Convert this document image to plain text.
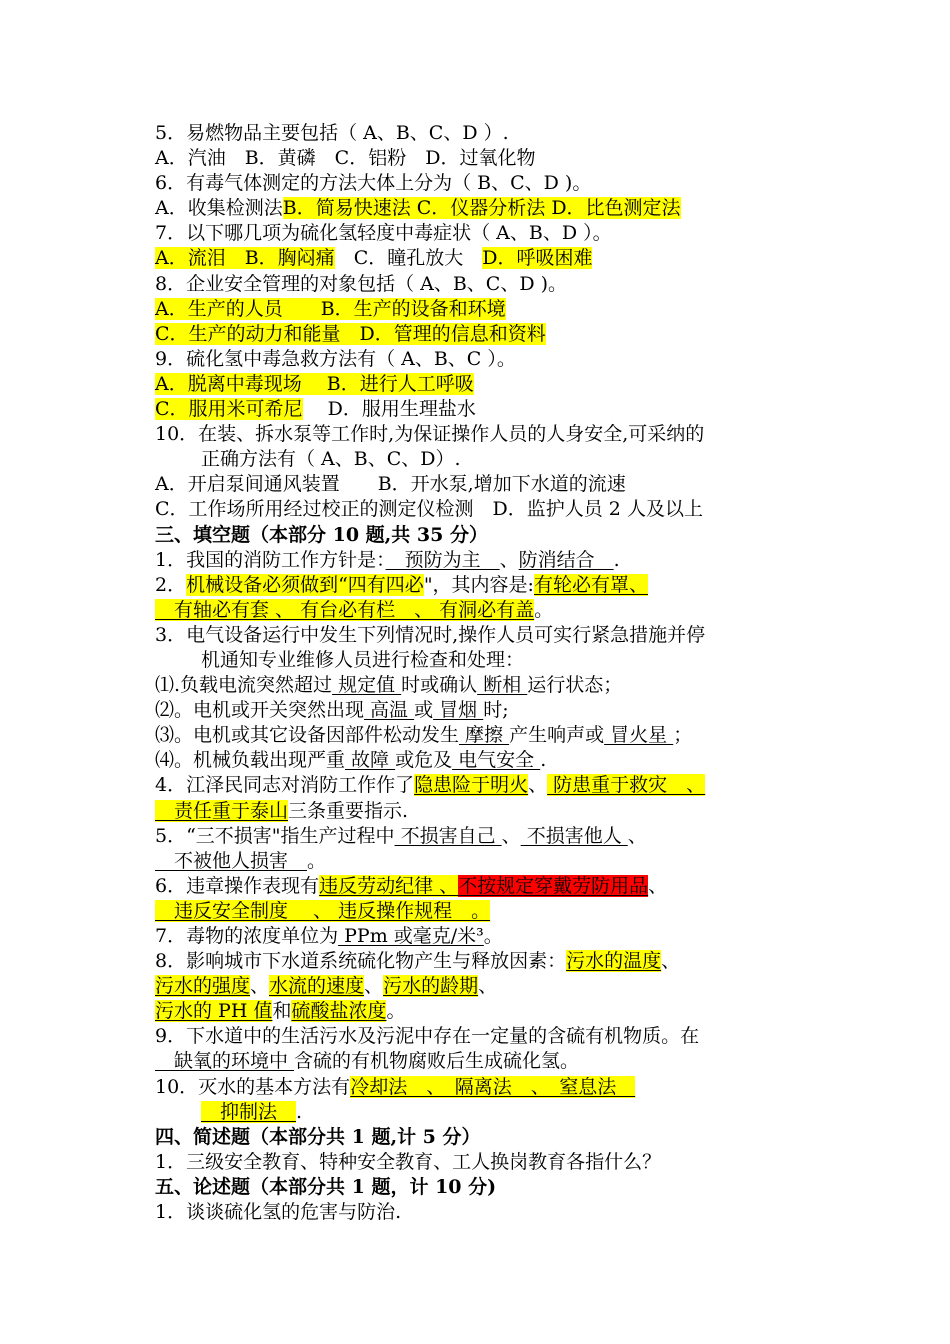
5．易燃物品主要包括（ A、B、C、D ）.
A．汽油　B．黄磷　C．铝粉　D．过氧化物
6．有毒气体测定的方法大体上分为（ B、C、D )。
A．收集检测法B．简易快速法 C．仪器分析法 D．比色测定法
7．以下哪几项为硫化氢轻度中毒症状（ A、B、D ）。
A．流泪　B．胸闷痛　C．瞳孔放大　D．呼吸困难
8．企业安全管理的对象包括（ A、B、C、D )。
A．生产的人员　　B．生产的设备和环境
C．生产的动力和能量　D．管理的信息和资料
9．硫化氢中毒急救方法有（ A、B、C ）。
A．脱离中毒现场　 B．进行人工呼吸
C．服用米可希尼　 D．服用生理盐水
10．在装、拆水泵等工作时,为保证操作人员的人身安全,可采纳的
正确方法有（ A、B、C、D）.
A．开启泵间通风装置　　B．开水泵,增加下水道的流速
C．工作场所用经过校正的测定仪检测　D．监护人员 2 人及以上
三、填空题（本部分 10 题,共 35 分）
1．我国的消防工作方针是：　预防为主　、防消结合　.
2．机械设备必须做到“四有四必"，其内容是:有轮必有罩、
　有轴必有套 、 有台必有栏　、 有洞必有盖。
3．电气设备运行中发生下列情况时,操作人员可实行紧急措施并停
机通知专业维修人员进行检查和处理：
⑴.负载电流突然超过 规定值 时或确认 断相 运行状态；
⑵。电机或开关突然出现 高温 或 冒烟 时;
⑶。电机或其它设备因部件松动发生 摩擦 产生响声或 冒火星 ；
⑷。机械负载出现严重 故障 或危及 电气安全 .
4．江泽民同志对消防工作作了隐患险于明火、 防患重于救灾　、
　责任重于泰山三条重要指示.
5．“三不损害"指生产过程中 不损害自己 、 不损害他人 、
　不被他人损害　。
6．违章操作表现有违反劳动纪律 、不按规定穿戴劳防用品、
　违反安全制度　 、 违反操作规程　。
7．毒物的浓度单位为 PPm 或毫克/米³。
8．影响城市下水道系统硫化物产生与释放因素：污水的温度、
污水的强度、水流的速度、污水的龄期、
污水的 PH 值和硫酸盐浓度。
9．下水道中的生活污水及污泥中存在一定量的含硫有机物质。在
　缺氧的环境中 含硫的有机物腐败后生成硫化氢。
10．灭水的基本方法有冷却法　、　隔离法　、　窒息法　
　抑制法　.
四、简述题（本部分共 1 题,计 5 分）
1．三级安全教育、特种安全教育、工人换岗教育各指什么？
五、论述题（本部分共 1 题，计 10 分)
1．谈谈硫化氢的危害与防治.
